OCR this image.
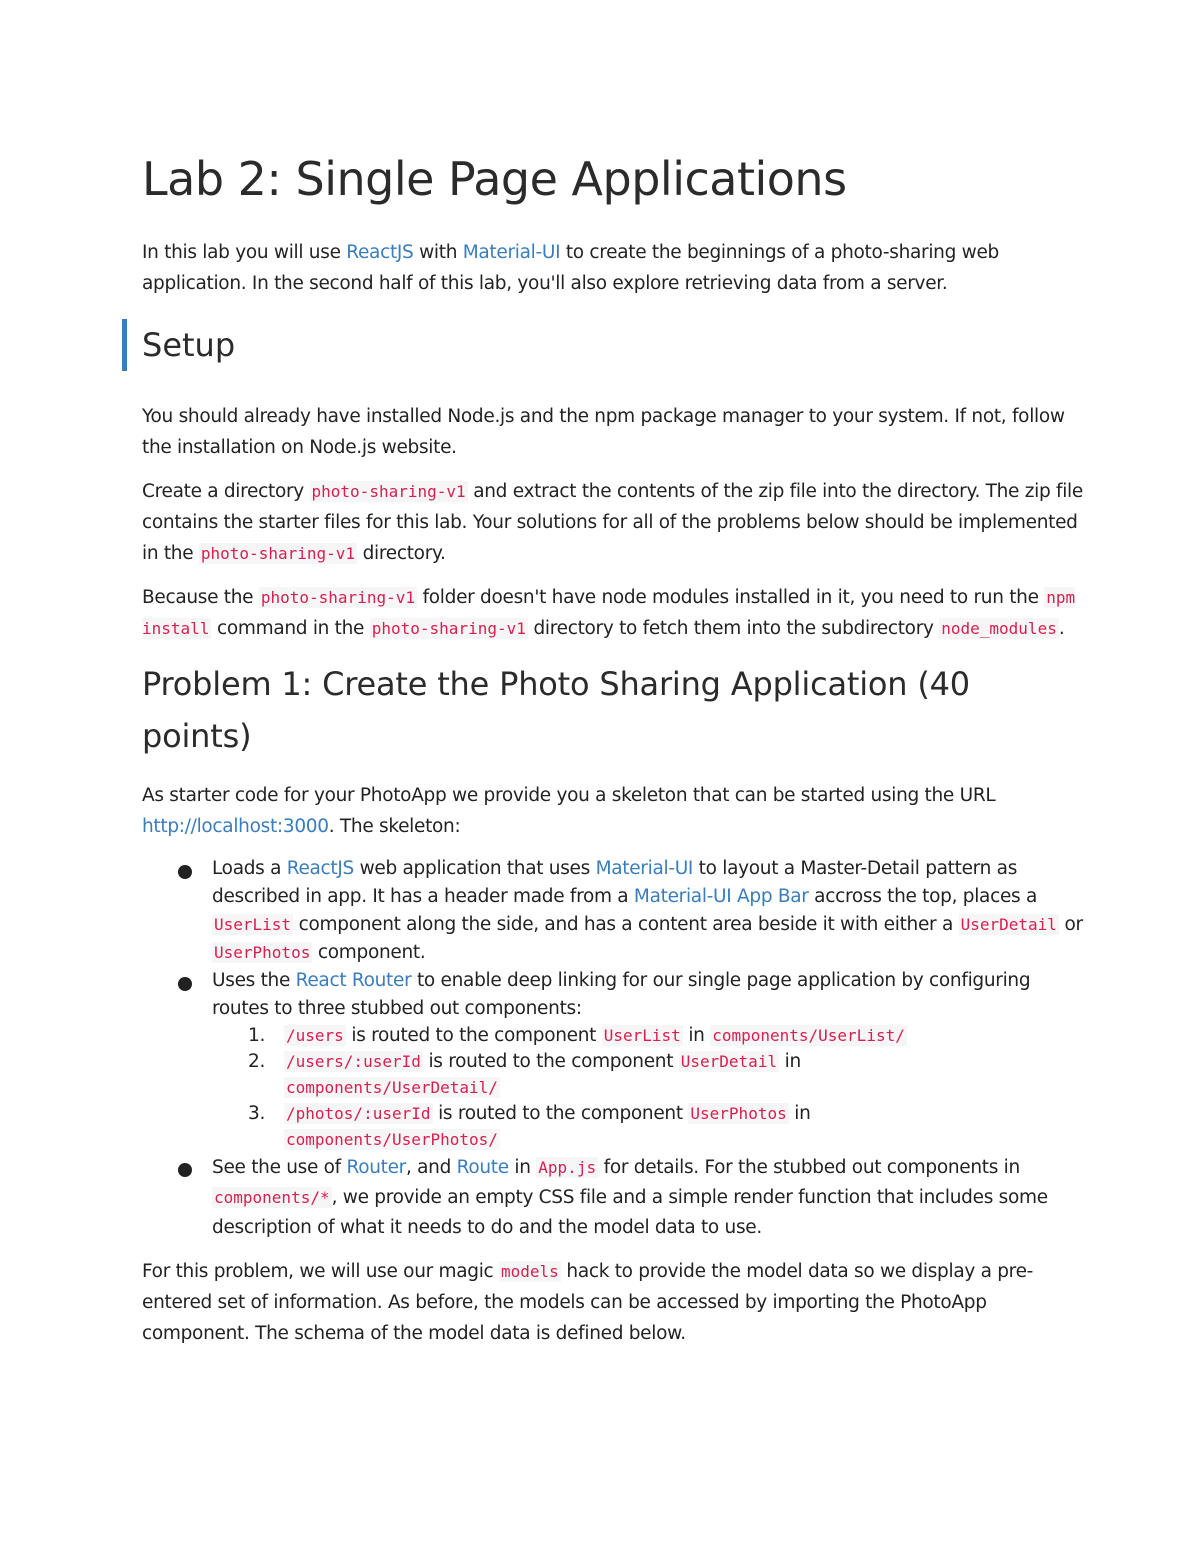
Lab 2: Single Page Applications

In this lab you will use ReactJS with Material-UI to create the beginnings of a photo-sharing web application. In the second half of this lab, you'll also explore retrieving data from a server.

Setup

You should already have installed Node.js and the npm package manager to your system. If not, follow the installation on Node.js website.

Create a directory photo-sharing-v1 and extract the contents of the zip file into the directory. The zip file contains the starter files for this lab. Your solutions for all of the problems below should be implemented in the photo-sharing-v1 directory.

Because the photo-sharing-v1 folder doesn't have node modules installed in it, you need to run the npm install command in the photo-sharing-v1 directory to fetch them into the subdirectory node_modules .

Problem 1: Create the Photo Sharing Application (40 points)

As starter code for your PhotoApp we provide you a skeleton that can be started using the URL http://localhost:3000. The skeleton:

Loads a ReactJS web application that uses Material-UI to layout a Master-Detail pattern as described in app. It has a header made from a Material-UI App Bar accross the top, places a UserList component along the side, and has a content area beside it with either a UserDetail or UserPhotos component.
Uses the React Router to enable deep linking for our single page application by configuring routes to three stubbed out components:
1. /users is routed to the component UserList in components/UserList/
2. /users/:userId is routed to the component UserDetail in
components/UserDetail/
3. /photos/:userId is routed to the component UserPhotos in
components/UserPhotos/
See the use of Router, and Route in App.js for details. For the stubbed out components in components/* , we provide an empty CSS file and a simple render function that includes some description of what it needs to do and the model data to use.

For this problem, we will use our magic models hack to provide the model data so we display a pre-entered set of information. As before, the models can be accessed by importing the PhotoApp component. The schema of the model data is defined below.
